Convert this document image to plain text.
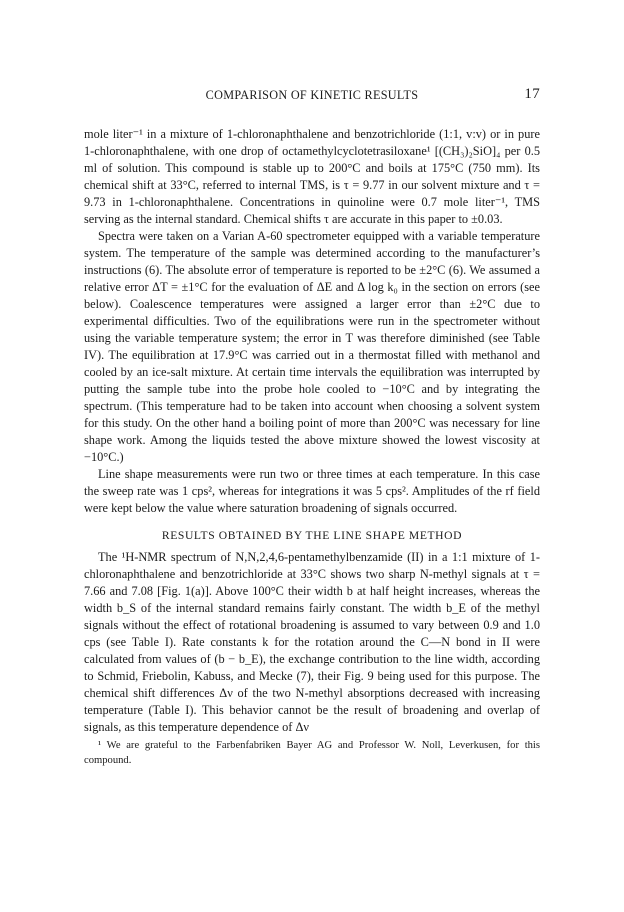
COMPARISON OF KINETIC RESULTS	17

mole liter⁻¹ in a mixture of 1-chloronaphthalene and benzotrichloride (1:1, v:v) or in pure 1-chloronaphthalene, with one drop of octamethylcyclotetrasiloxane¹ [(CH₃)₂SiO]₄ per 0.5 ml of solution. This compound is stable up to 200°C and boils at 175°C (750 mm). Its chemical shift at 33°C, referred to internal TMS, is τ = 9.77 in our solvent mixture and τ = 9.73 in 1-chloronaphthalene. Concentrations in quinoline were 0.7 mole liter⁻¹, TMS serving as the internal standard. Chemical shifts τ are accurate in this paper to ±0.03.

Spectra were taken on a Varian A-60 spectrometer equipped with a variable temperature system. The temperature of the sample was determined according to the manufacturer’s instructions (6). The absolute error of temperature is reported to be ±2°C (6). We assumed a relative error ΔT = ±1°C for the evaluation of ΔE and Δ log k₀ in the section on errors (see below). Coalescence temperatures were assigned a larger error than ±2°C due to experimental difficulties. Two of the equilibrations were run in the spectrometer without using the variable temperature system; the error in T was therefore diminished (see Table IV). The equilibration at 17.9°C was carried out in a thermostat filled with methanol and cooled by an ice-salt mixture. At certain time intervals the equilibration was interrupted by putting the sample tube into the probe hole cooled to −10°C and by integrating the spectrum. (This temperature had to be taken into account when choosing a solvent system for this study. On the other hand a boiling point of more than 200°C was necessary for line shape work. Among the liquids tested the above mixture showed the lowest viscosity at −10°C.)

Line shape measurements were run two or three times at each temperature. In this case the sweep rate was 1 cps², whereas for integrations it was 5 cps². Amplitudes of the rf field were kept below the value where saturation broadening of signals occurred.

RESULTS OBTAINED BY THE LINE SHAPE METHOD

The ¹H-NMR spectrum of N,N,2,4,6-pentamethylbenzamide (II) in a 1:1 mixture of 1-chloronaphthalene and benzotrichloride at 33°C shows two sharp N-methyl signals at τ = 7.66 and 7.08 [Fig. 1(a)]. Above 100°C their width b at half height increases, whereas the width b_S of the internal standard remains fairly constant. The width b_E of the methyl signals without the effect of rotational broadening is assumed to vary between 0.9 and 1.0 cps (see Table I). Rate constants k for the rotation around the C—N bond in II were calculated from values of (b − b_E), the exchange contribution to the line width, according to Schmid, Friebolin, Kabuss, and Mecke (7), their Fig. 9 being used for this purpose. The chemical shift differences Δν of the two N-methyl absorptions decreased with increasing temperature (Table I). This behavior cannot be the result of broadening and overlap of signals, as this temperature dependence of Δν

¹ We are grateful to the Farbenfabriken Bayer AG and Professor W. Noll, Leverkusen, for this compound.
